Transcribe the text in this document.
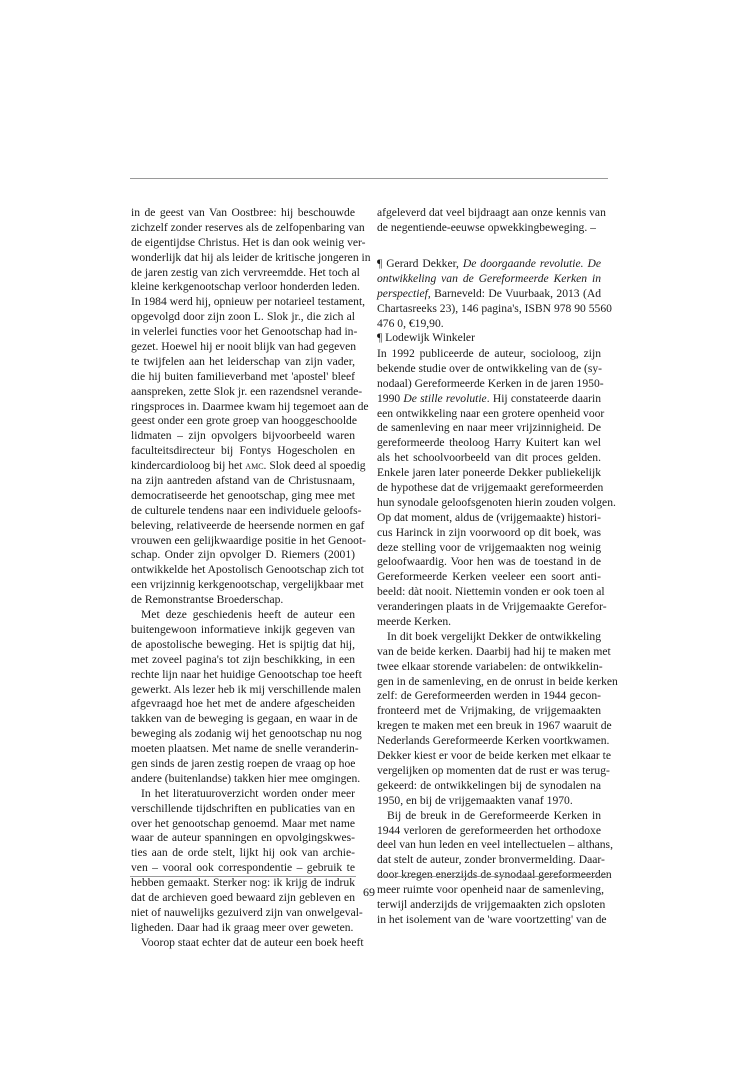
in de geest van Van Oostbree: hij beschouwde
zichzelf zonder reserves als de zelfopenbaring van
de eigentijdse Christus. Het is dan ook weinig ver-
wonderlijk dat hij als leider de kritische jongeren in
de jaren zestig van zich vervreemdde. Het toch al
kleine kerkgenootschap verloor honderden leden.
In 1984 werd hij, opnieuw per notarieel testament,
opgevolgd door zijn zoon L. Slok jr., die zich al
in velerlei functies voor het Genootschap had in-
gezet. Hoewel hij er nooit blijk van had gegeven
te twijfelen aan het leiderschap van zijn vader,
die hij buiten familieverband met 'apostel' bleef
aanspreken, zette Slok jr. een razendsnel verande-
ringsproces in. Daarmee kwam hij tegemoet aan de
geest onder een grote groep van hooggeschoolde
lidmaten – zijn opvolgers bijvoorbeeld waren
faculteitsdirecteur bij Fontys Hogescholen en
kindercardioloog bij het amc. Slok deed al spoedig
na zijn aantreden afstand van de Christusnaam,
democratiseerde het genootschap, ging mee met
de culturele tendens naar een individuele geloofs-
beleving, relativeerde de heersende normen en gaf
vrouwen een gelijkwaardige positie in het Genoot-
schap. Onder zijn opvolger D. Riemers (2001)
ontwikkelde het Apostolisch Genootschap zich tot
een vrijzinnig kerkgenootschap, vergelijkbaar met
de Remonstrantse Broederschap.
Met deze geschiedenis heeft de auteur een
buitengewoon informatieve inkijk gegeven van
de apostolische beweging. Het is spijtig dat hij,
met zoveel pagina's tot zijn beschikking, in een
rechte lijn naar het huidige Genootschap toe heeft
gewerkt. Als lezer heb ik mij verschillende malen
afgevraagd hoe het met de andere afgescheiden
takken van de beweging is gegaan, en waar in de
beweging als zodanig wij het genootschap nu nog
moeten plaatsen. Met name de snelle veranderin-
gen sinds de jaren zestig roepen de vraag op hoe
andere (buitenlandse) takken hier mee omgingen.
In het literatuuroverzicht worden onder meer
verschillende tijdschriften en publicaties van en
over het genootschap genoemd. Maar met name
waar de auteur spanningen en opvolgingskwes-
ties aan de orde stelt, lijkt hij ook van archie-
ven – vooral ook correspondentie – gebruik te
hebben gemaakt. Sterker nog: ik krijg de indruk
dat de archieven goed bewaard zijn gebleven en
niet of nauwelijks gezuiverd zijn van onwelgeval-
ligheden. Daar had ik graag meer over geweten.
Voorop staat echter dat de auteur een boek heeft
afgeleverd dat veel bijdraagt aan onze kennis van
de negentiende-eeuwse opwekkingbeweging. –
¶ Gerard Dekker, De doorgaande revolutie. De
ontwikkeling van de Gereformeerde Kerken in
perspectief, Barneveld: De Vuurbaak, 2013 (Ad
Chartasreeks 23), 146 pagina's, ISBN 978 90 5560
476 0, €19,90.
¶ Lodewijk Winkeler
In 1992 publiceerde de auteur, socioloog, zijn
bekende studie over de ontwikkeling van de (sy-
nodaal) Gereformeerde Kerken in de jaren 1950-
1990 De stille revolutie. Hij constateerde daarin
een ontwikkeling naar een grotere openheid voor
de samenleving en naar meer vrijzinnigheid. De
gereformeerde theoloog Harry Kuitert kan wel
als het schoolvoorbeeld van dit proces gelden.
Enkele jaren later poneerde Dekker publiekelijk
de hypothese dat de vrijgemaakt gereformeerden
hun synodale geloofsgenoten hierin zouden volgen.
Op dat moment, aldus de (vrijgemaakte) histori-
cus Harinck in zijn voorwoord op dit boek, was
deze stelling voor de vrijgemaakten nog weinig
geloofwaardig. Voor hen was de toestand in de
Gereformeerde Kerken veeleer een soort anti-
beeld: dàt nooit. Niettemin vonden er ook toen al
veranderingen plaats in de Vrijgemaakte Gerefor-
meerde Kerken.
In dit boek vergelijkt Dekker de ontwikkeling
van de beide kerken. Daarbij had hij te maken met
twee elkaar storende variabelen: de ontwikkelin-
gen in de samenleving, en de onrust in beide kerken
zelf: de Gereformeerden werden in 1944 gecon-
fronteerd met de Vrijmaking, de vrijgemaakten
kregen te maken met een breuk in 1967 waaruit de
Nederlands Gereformeerde Kerken voortkwamen.
Dekker kiest er voor de beide kerken met elkaar te
vergelijken op momenten dat de rust er was terug-
gekeerd: de ontwikkelingen bij de synodalen na
1950, en bij de vrijgemaakten vanaf 1970.
Bij de breuk in de Gereformeerde Kerken in
1944 verloren de gereformeerden het orthodoxe
deel van hun leden en veel intellectuelen – althans,
dat stelt de auteur, zonder bronvermelding. Daar-
door kregen enerzijds de synodaal gereformeerden
meer ruimte voor openheid naar de samenleving,
terwijl anderzijds de vrijgemaakten zich opsloten
in het isolement van de 'ware voortzetting' van de
69
